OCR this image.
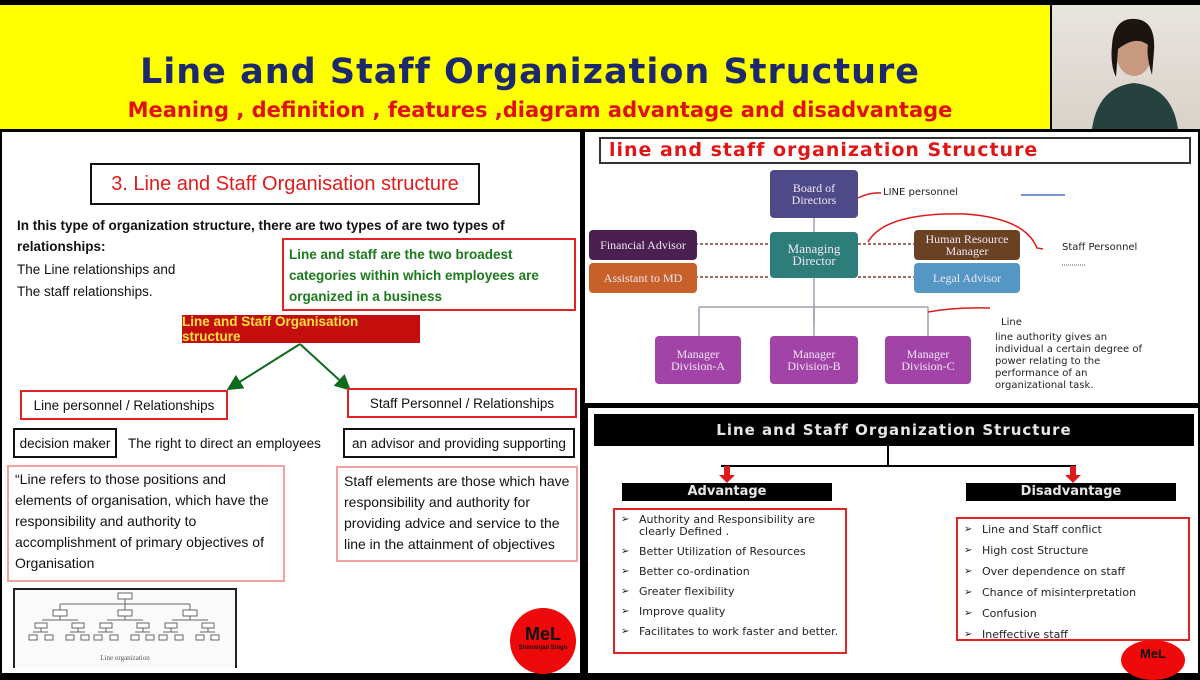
Line and Staff Organization Structure
Meaning , definition , features ,diagram advantage and disadvantage
3. Line and Staff Organisation structure
In this type of organization structure, there are two types of are two types of relationships:
The Line relationships and
The staff relationships.
Line and staff are the two broadest categories within which employees are organized in a business
Line and Staff Organisation structure
Line personnel / Relationships	Staff Personnel / Relationships
decision maker	The right to direct an employees	an advisor and providing supporting
“Line refers to those positions and elements of organisation, which have the responsibility and authority to accomplishment of primary objectives of Organisation
Staff elements are those which have responsibility and authority for providing advice and service to the line in the attainment of objectives
Line organization
MeL
Shivranjali Singh
line and staff organization Structure
Board of Directors
Managing Director
Financial Advisor
Assistant to MD
Human Resource Manager
Legal Advisor
Manager Division-A
Manager Division-B
Manager Division-C
LINE personnel
Staff Personnel
Line
line authority gives an individual a certain degree of power relating to the performance of an organizational task.
Line and Staff Organization Structure
Advantage	Disadvantage
➢ Authority and Responsibility are clearly Defined .
➢ Better Utilization of Resources
➢ Better co-ordination
➢ Greater flexibility
➢ Improve quality
➢ Facilitates to work faster and better.
➢ Line and Staff conflict
➢ High cost Structure
➢ Over dependence on staff
➢ Chance of misinterpretation
➢ Confusion
➢ Ineffective staff
MeL
